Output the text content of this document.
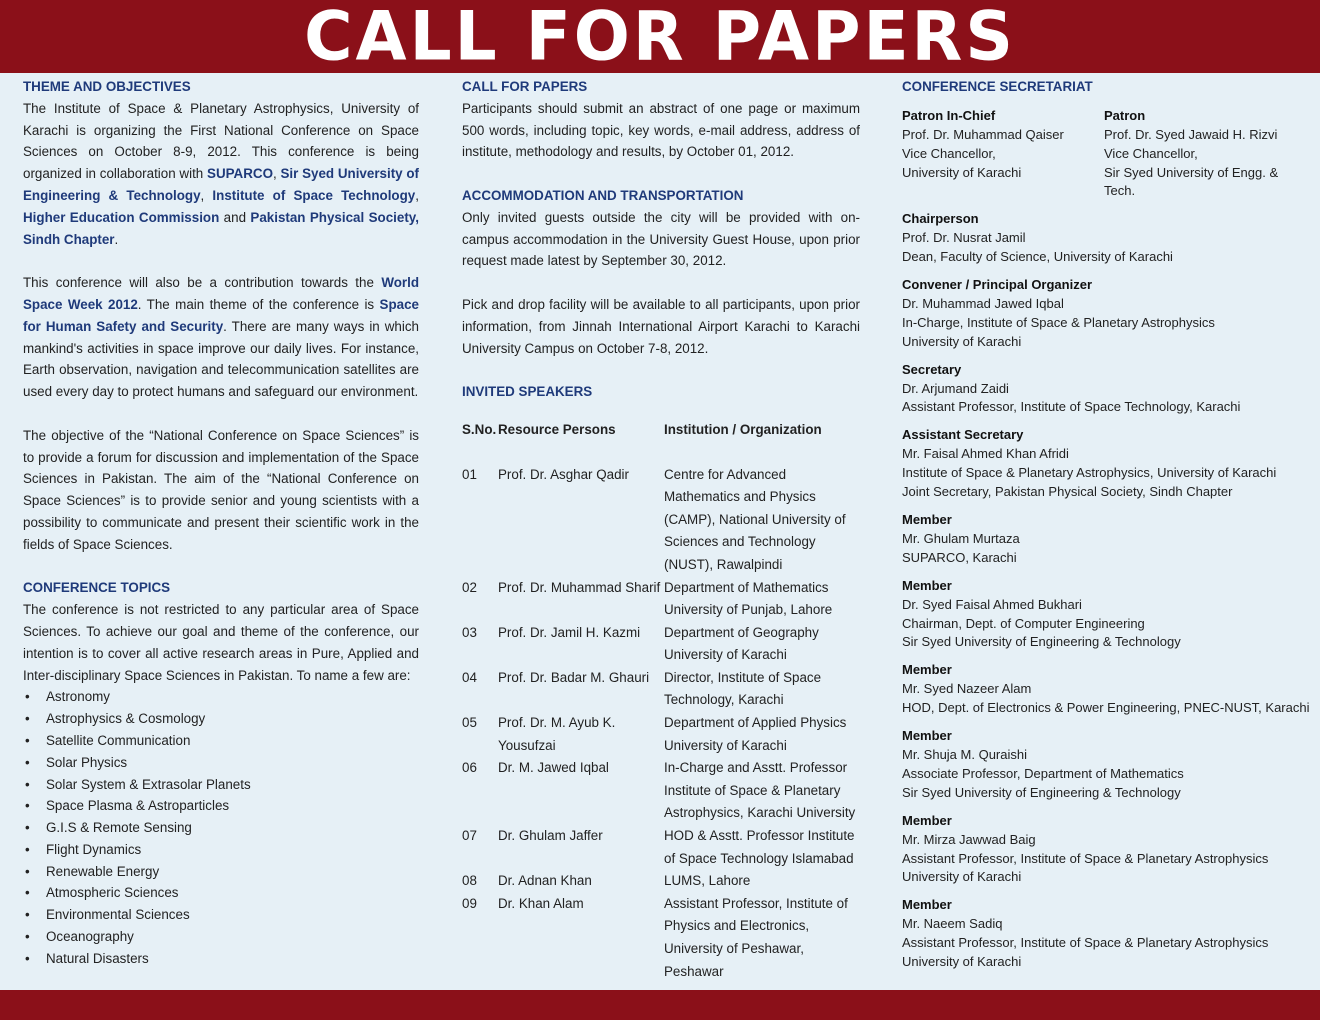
CALL FOR PAPERS
THEME AND OBJECTIVES

The Institute of Space & Planetary Astrophysics, University of Karachi is organizing the First National Conference on Space Sciences on October 8-9, 2012. This conference is being organized in collaboration with SUPARCO, Sir Syed University of Engineering & Technology, Institute of Space Technology, Higher Education Commission and Pakistan Physical Society, Sindh Chapter.

This conference will also be a contribution towards the World Space Week 2012. The main theme of the conference is Space for Human Safety and Security. There are many ways in which mankind's activities in space improve our daily lives. For instance, Earth observation, navigation and telecommunication satellites are used every day to protect humans and safeguard our environment.

The objective of the “National Conference on Space Sciences” is to provide a forum for discussion and implementation of the Space Sciences in Pakistan. The aim of the “National Conference on Space Sciences” is to provide senior and young scientists with a possibility to communicate and present their scientific work in the fields of Space Sciences.

CONFERENCE TOPICS

The conference is not restricted to any particular area of Space Sciences. To achieve our goal and theme of the conference, our intention is to cover all active research areas in Pure, Applied and Inter-disciplinary Space Sciences in Pakistan. To name a few are:

• Astronomy
• Astrophysics & Cosmology
• Satellite Communication
• Solar Physics
• Solar System & Extrasolar Planets
• Space Plasma & Astroparticles
• G.I.S & Remote Sensing
• Flight Dynamics
• Renewable Energy
• Atmospheric Sciences
• Environmental Sciences
• Oceanography
• Natural Disasters
CALL FOR PAPERS

Participants should submit an abstract of one page or maximum 500 words, including topic, key words, e-mail address, address of institute, methodology and results, by October 01, 2012.

ACCOMMODATION AND TRANSPORTATION

Only invited guests outside the city will be provided with on-campus accommodation in the University Guest House, upon prior request made latest by September 30, 2012.

Pick and drop facility will be available to all participants, upon prior information, from Jinnah International Airport Karachi to Karachi University Campus on October 7-8, 2012.

INVITED SPEAKERS
S.No.	Resource Persons	Institution / Organization

01	Prof. Dr. Asghar Qadir	Centre for Advanced Mathematics and Physics (CAMP), National University of Sciences and Technology (NUST), Rawalpindi
02	Prof. Dr. Muhammad Sharif	Department of Mathematics University of Punjab, Lahore
03	Prof. Dr. Jamil H. Kazmi	Department of Geography University of Karachi
04	Prof. Dr. Badar M. Ghauri	Director, Institute of Space Technology, Karachi
05	Prof. Dr. M. Ayub K. Yousufzai	Department of Applied Physics University of Karachi
06	Dr. M. Jawed Iqbal	In-Charge and Asstt. Professor Institute of Space & Planetary Astrophysics, Karachi University
07	Dr. Ghulam Jaffer	HOD & Asstt. Professor Institute of Space Technology Islamabad
08	Dr. Adnan Khan	LUMS, Lahore
09	Dr. Khan Alam	Assistant Professor, Institute of Physics and Electronics, University of Peshawar, Peshawar
CONFERENCE SECRETARIAT
Patron In-Chief
Prof. Dr. Muhammad Qaiser
Vice Chancellor,
University of Karachi
Patron
Prof. Dr. Syed Jawaid H. Rizvi
Vice Chancellor,
Sir Syed University of Engg. & Tech.
Chairperson
Prof. Dr. Nusrat Jamil
Dean, Faculty of Science, University of Karachi
Convener / Principal Organizer
Dr. Muhammad Jawed Iqbal
In-Charge, Institute of Space & Planetary Astrophysics
University of Karachi
Secretary
Dr. Arjumand Zaidi
Assistant Professor, Institute of Space Technology, Karachi
Assistant Secretary
Mr. Faisal Ahmed Khan Afridi
Institute of Space & Planetary Astrophysics, University of Karachi
Joint Secretary, Pakistan Physical Society, Sindh Chapter
Member
Mr. Ghulam Murtaza
SUPARCO, Karachi
Member
Dr. Syed Faisal Ahmed Bukhari
Chairman, Dept. of Computer Engineering
Sir Syed University of Engineering & Technology
Member
Mr. Syed Nazeer Alam
HOD, Dept. of Electronics & Power Engineering, PNEC-NUST, Karachi
Member
Mr. Shuja M. Quraishi
Associate Professor, Department of Mathematics
Sir Syed University of Engineering & Technology
Member
Mr. Mirza Jawwad Baig
Assistant Professor, Institute of Space & Planetary Astrophysics
University of Karachi
Member
Mr. Naeem Sadiq
Assistant Professor, Institute of Space & Planetary Astrophysics
University of Karachi
